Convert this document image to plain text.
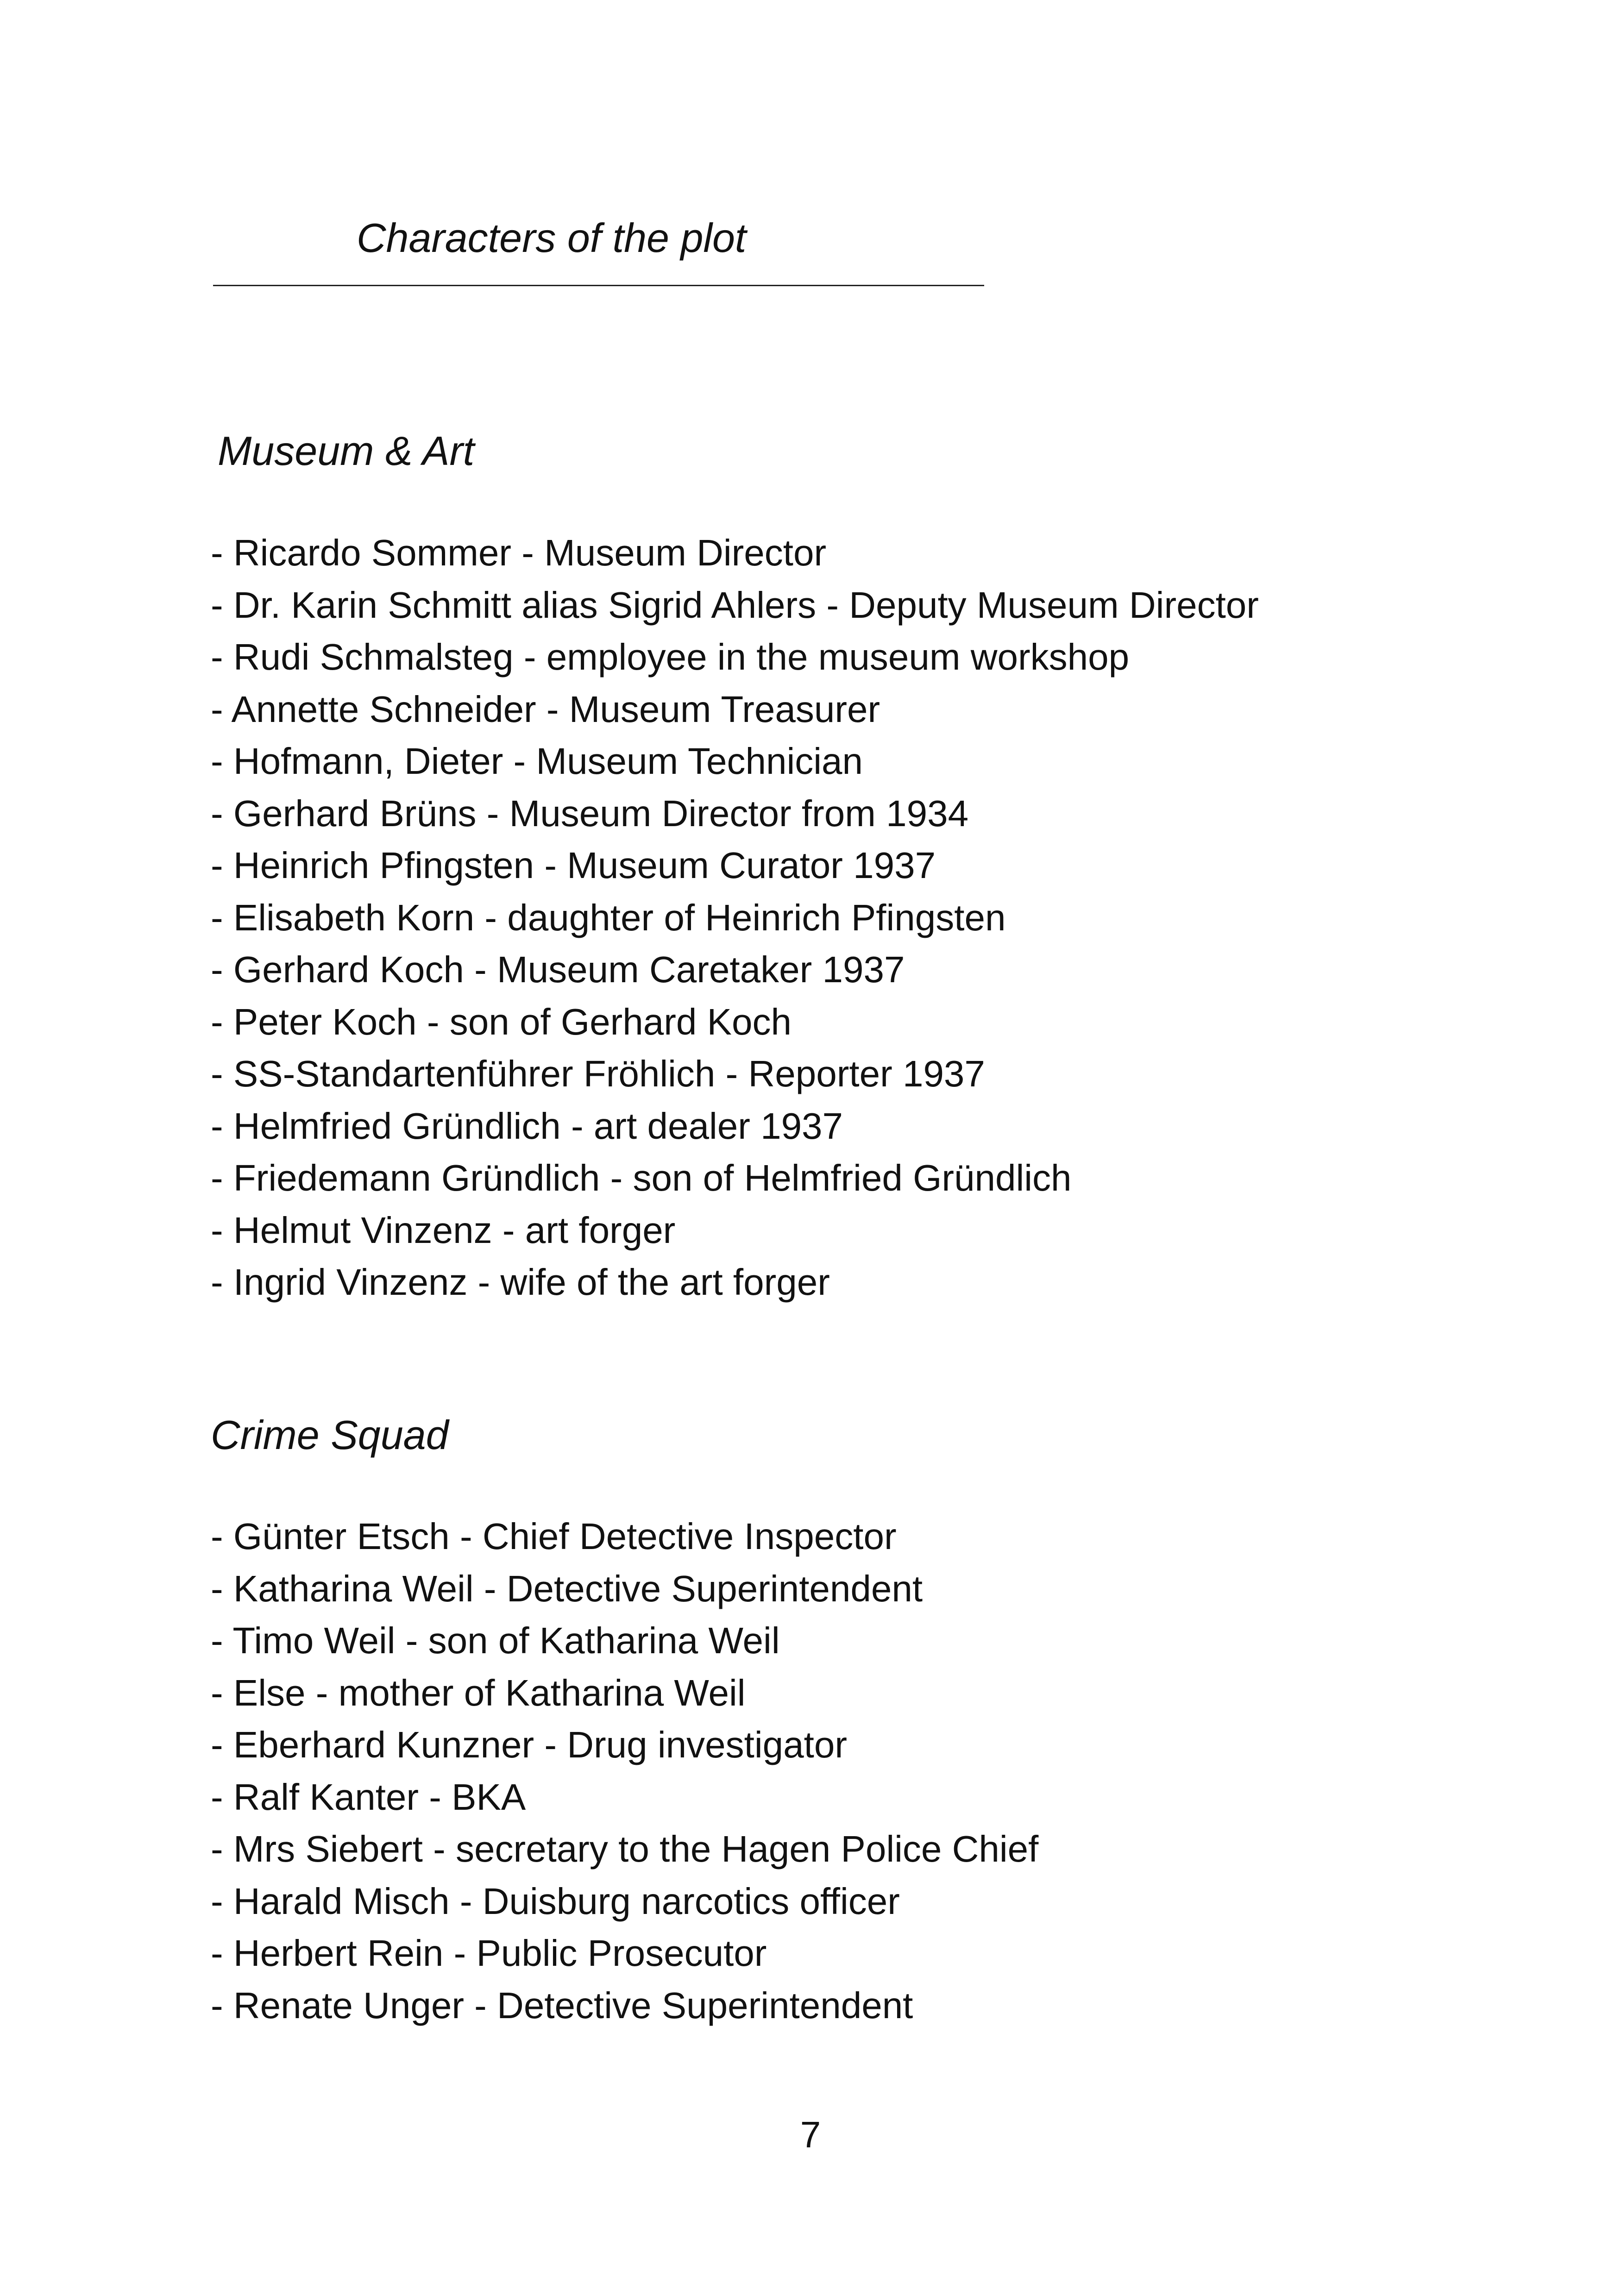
Characters of the plot
Museum & Art
- Ricardo Sommer - Museum Director
- Dr. Karin Schmitt alias Sigrid Ahlers - Deputy Museum Director
- Rudi Schmalsteg - employee in the museum workshop
- Annette Schneider - Museum Treasurer
- Hofmann, Dieter - Museum Technician
- Gerhard Brüns - Museum Director from 1934
- Heinrich Pfingsten - Museum Curator 1937
- Elisabeth Korn - daughter of Heinrich Pfingsten
- Gerhard Koch - Museum Caretaker 1937
- Peter Koch - son of Gerhard Koch
- SS-Standartenführer Fröhlich - Reporter 1937
- Helmfried Gründlich - art dealer 1937
- Friedemann Gründlich - son of Helmfried Gründlich
- Helmut Vinzenz - art forger
- Ingrid Vinzenz - wife of the art forger
Crime Squad
- Günter Etsch - Chief Detective Inspector
- Katharina Weil - Detective Superintendent
- Timo Weil - son of Katharina Weil
- Else - mother of Katharina Weil
- Eberhard Kunzner - Drug investigator
- Ralf Kanter - BKA
- Mrs Siebert - secretary to the Hagen Police Chief
- Harald Misch - Duisburg narcotics officer
- Herbert Rein - Public Prosecutor
- Renate Unger - Detective Superintendent
7
